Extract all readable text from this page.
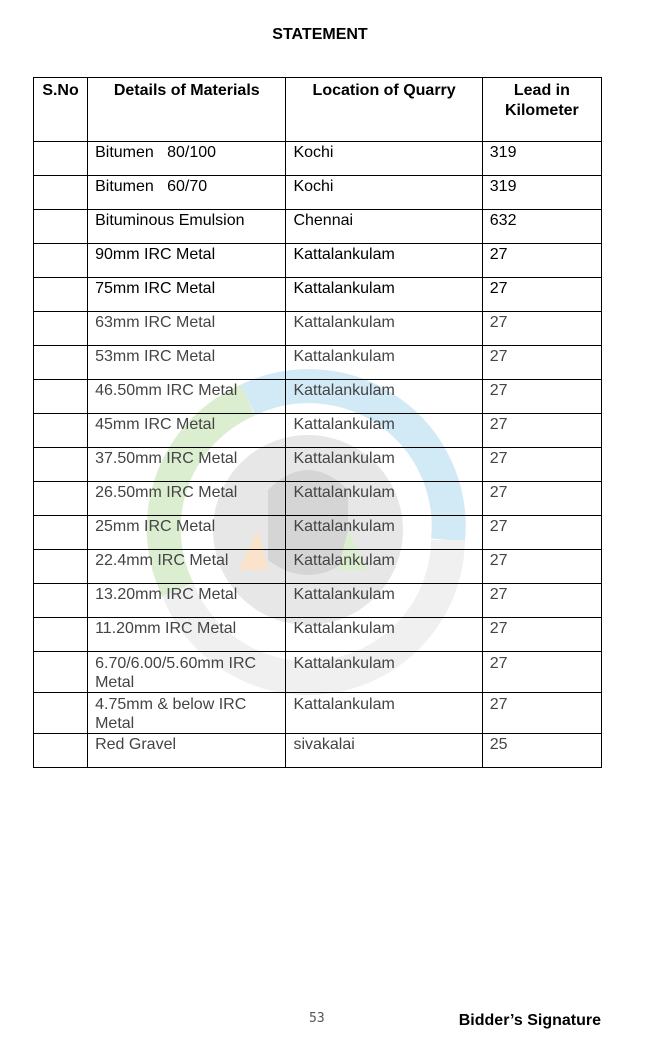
STATEMENT
S.No	Details of Materials	Location of Quarry	Lead in Kilometer
	Bitumen   80/100	Kochi	319
	Bitumen   60/70	Kochi	319
	Bituminous Emulsion	Chennai	632
	90mm IRC Metal	Kattalankulam	27
	75mm IRC Metal	Kattalankulam	27
	63mm IRC Metal	Kattalankulam	27
	53mm IRC Metal	Kattalankulam	27
	46.50mm IRC Metal	Kattalankulam	27
	45mm IRC Metal	Kattalankulam	27
	37.50mm IRC Metal	Kattalankulam	27
	26.50mm IRC Metal	Kattalankulam	27
	25mm IRC Metal	Kattalankulam	27
	22.4mm IRC Metal	Kattalankulam	27
	13.20mm IRC Metal	Kattalankulam	27
	11.20mm IRC Metal	Kattalankulam	27
	6.70/6.00/5.60mm IRC Metal	Kattalankulam	27
	4.75mm & below IRC Metal	Kattalankulam	27
	Red Gravel	sivakalai	25
53	Bidder’s Signature
